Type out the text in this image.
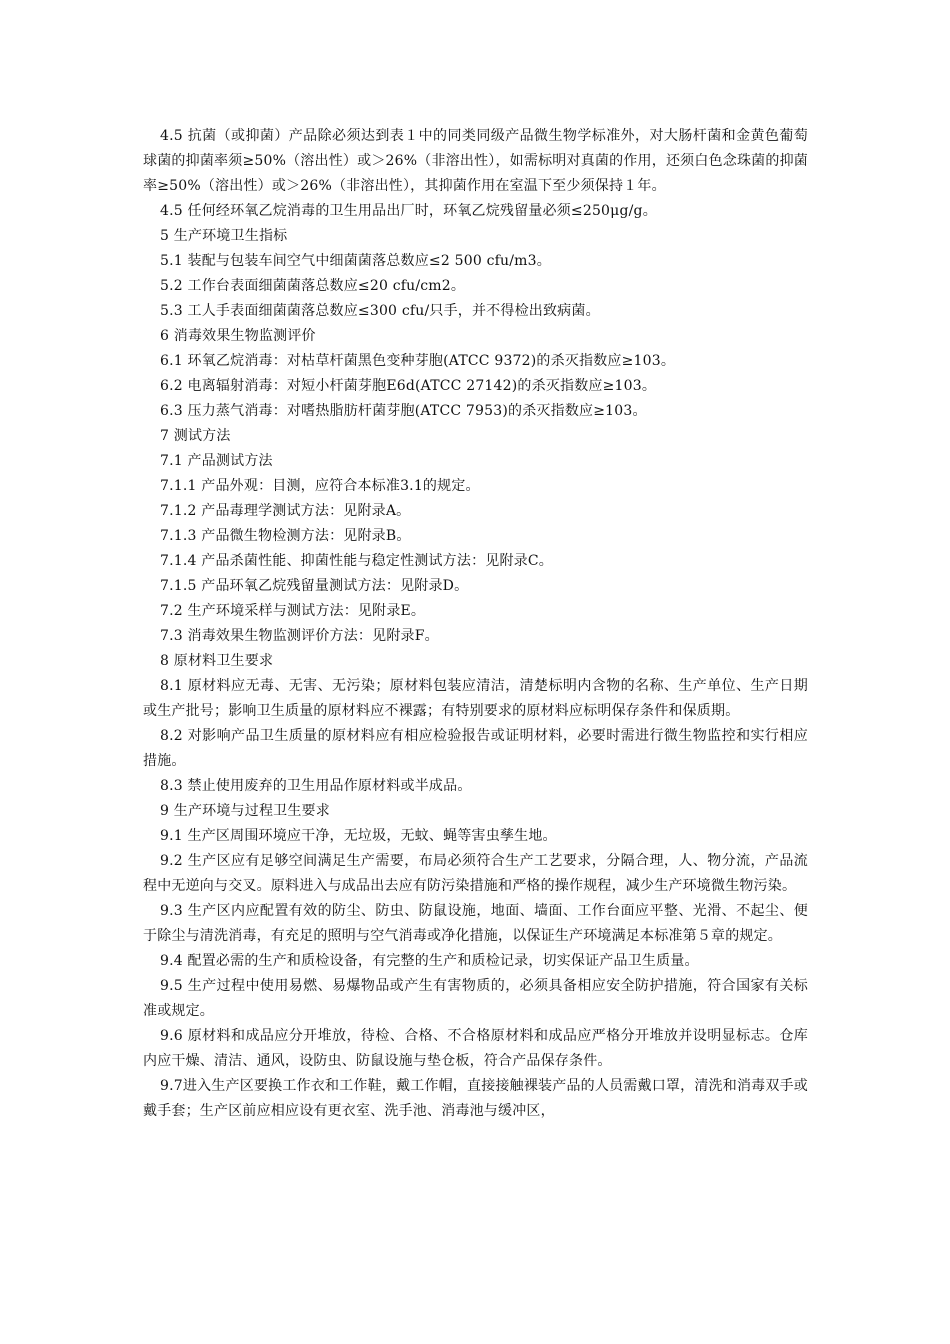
4.5 抗菌（或抑菌）产品除必须达到表１中的同类同级产品微生物学标准外，对大肠杆菌和金黄色葡萄球菌的抑菌率须≥50%（溶出性）或＞26%（非溶出性），如需标明对真菌的作用，还须白色念珠菌的抑菌率≥50%（溶出性）或＞26%（非溶出性），其抑菌作用在室温下至少须保持１年。

4.5 任何经环氧乙烷消毒的卫生用品出厂时，环氧乙烷残留量必须≤250μg/g。

5 生产环境卫生指标

5.1 装配与包装车间空气中细菌菌落总数应≤2 500 cfu/m3。

5.2 工作台表面细菌菌落总数应≤20 cfu/cm2。

5.3 工人手表面细菌菌落总数应≤300 cfu/只手，并不得检出致病菌。

6 消毒效果生物监测评价

6.1 环氧乙烷消毒：对枯草杆菌黑色变种芽胞(ATCC 9372)的杀灭指数应≥103。

6.2 电离辐射消毒：对短小杆菌芽胞E6d(ATCC 27142)的杀灭指数应≥103。

6.3 压力蒸气消毒：对嗜热脂肪杆菌芽胞(ATCC 7953)的杀灭指数应≥103。

7 测试方法

7.1 产品测试方法

7.1.1 产品外观：目测，应符合本标准3.1的规定。

7.1.2 产品毒理学测试方法：见附录A。

7.1.3 产品微生物检测方法：见附录B。

7.1.4 产品杀菌性能、抑菌性能与稳定性测试方法：见附录C。

7.1.5 产品环氧乙烷残留量测试方法：见附录D。

7.2 生产环境采样与测试方法：见附录E。

7.3 消毒效果生物监测评价方法：见附录F。

8 原材料卫生要求

8.1 原材料应无毒、无害、无污染；原材料包装应清洁，清楚标明内含物的名称、生产单位、生产日期或生产批号；影响卫生质量的原材料应不裸露；有特别要求的原材料应标明保存条件和保质期。

8.2 对影响产品卫生质量的原材料应有相应检验报告或证明材料，必要时需进行微生物监控和实行相应措施。

8.3 禁止使用废弃的卫生用品作原材料或半成品。

9 生产环境与过程卫生要求

9.1 生产区周围环境应干净，无垃圾，无蚊、蝇等害虫孳生地。

9.2 生产区应有足够空间满足生产需要，布局必须符合生产工艺要求，分隔合理，人、物分流，产品流程中无逆向与交叉。原料进入与成品出去应有防污染措施和严格的操作规程，减少生产环境微生物污染。

9.3 生产区内应配置有效的防尘、防虫、防鼠设施，地面、墙面、工作台面应平整、光滑、不起尘、便于除尘与清洗消毒，有充足的照明与空气消毒或净化措施，以保证生产环境满足本标准第５章的规定。

9.4 配置必需的生产和质检设备，有完整的生产和质检记录，切实保证产品卫生质量。

9.5 生产过程中使用易燃、易爆物品或产生有害物质的，必须具备相应安全防护措施，符合国家有关标准或规定。

9.6 原材料和成品应分开堆放，待检、合格、不合格原材料和成品应严格分开堆放并设明显标志。仓库内应干燥、清洁、通风，设防虫、防鼠设施与垫仓板，符合产品保存条件。

9.7进入生产区要换工作衣和工作鞋，戴工作帽，直接接触裸装产品的人员需戴口罩，清洗和消毒双手或戴手套；生产区前应相应设有更衣室、洗手池、消毒池与缓冲区，
